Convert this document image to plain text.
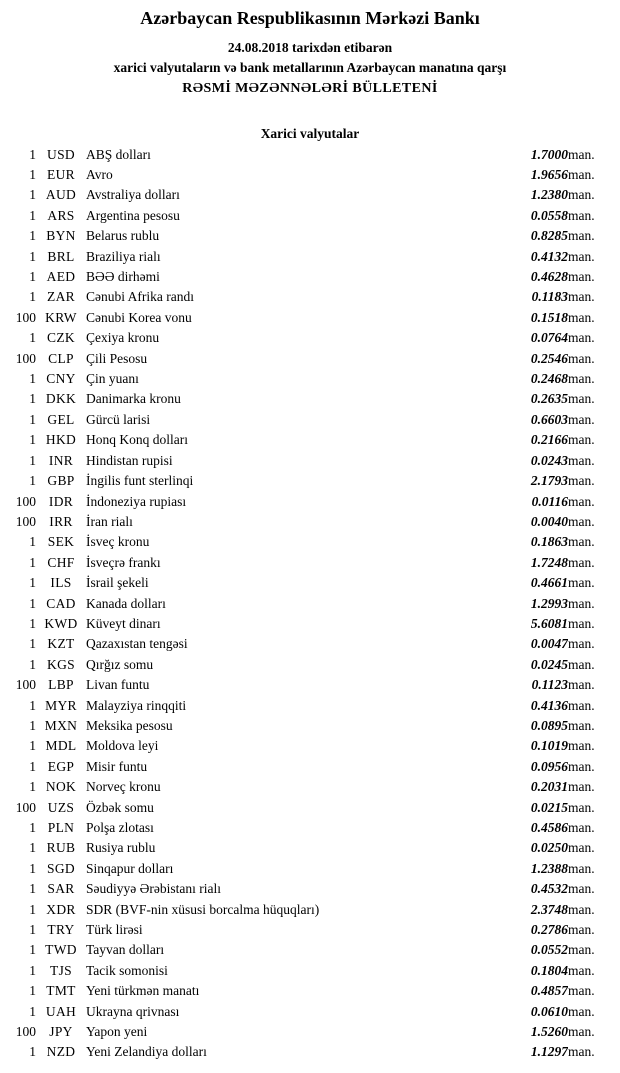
Azərbaycan Respublikasının Mərkəzi Bankı
24.08.2018 tarixdən etibarən
xarici valyutaların və bank metallarının Azərbaycan manatına qarşı
RƏSMİ MƏZƏNNƏLƏRİ BÜLLETENİ
Xarici valyutalar
1	USD	ABŞ dolları	1.7000	man.
1	EUR	Avro	1.9656	man.
1	AUD	Avstraliya dolları	1.2380	man.
1	ARS	Argentina pesosu	0.0558	man.
1	BYN	Belarus rublu	0.8285	man.
1	BRL	Braziliya rialı	0.4132	man.
1	AED	BƏƏ dirhəmi	0.4628	man.
1	ZAR	Cənubi Afrika randı	0.1183	man.
100	KRW	Cənubi Korea vonu	0.1518	man.
1	CZK	Çexiya kronu	0.0764	man.
100	CLP	Çili Pesosu	0.2546	man.
1	CNY	Çin yuanı	0.2468	man.
1	DKK	Danimarka kronu	0.2635	man.
1	GEL	Gürcü larisi	0.6603	man.
1	HKD	Honq Konq dolları	0.2166	man.
1	INR	Hindistan rupisi	0.0243	man.
1	GBP	İngilis funt sterlinqi	2.1793	man.
100	IDR	İndoneziya rupiası	0.0116	man.
100	IRR	İran rialı	0.0040	man.
1	SEK	İsveç kronu	0.1863	man.
1	CHF	İsveçrə frankı	1.7248	man.
1	ILS	İsrail şekeli	0.4661	man.
1	CAD	Kanada dolları	1.2993	man.
1	KWD	Küveyt dinarı	5.6081	man.
1	KZT	Qazaxıstan tengəsi	0.0047	man.
1	KGS	Qırğız somu	0.0245	man.
100	LBP	Livan funtu	0.1123	man.
1	MYR	Malayziya rinqqiti	0.4136	man.
1	MXN	Meksika pesosu	0.0895	man.
1	MDL	Moldova leyi	0.1019	man.
1	EGP	Misir funtu	0.0956	man.
1	NOK	Norveç kronu	0.2031	man.
100	UZS	Özbək somu	0.0215	man.
1	PLN	Polşa zlotası	0.4586	man.
1	RUB	Rusiya rublu	0.0250	man.
1	SGD	Sinqapur dolları	1.2388	man.
1	SAR	Səudiyyə Ərəbistanı rialı	0.4532	man.
1	XDR	SDR (BVF-nin xüsusi borcalma hüquqları)	2.3748	man.
1	TRY	Türk lirəsi	0.2786	man.
1	TWD	Tayvan dolları	0.0552	man.
1	TJS	Tacik somonisi	0.1804	man.
1	TMT	Yeni türkmən manatı	0.4857	man.
1	UAH	Ukrayna qrivnası	0.0610	man.
100	JPY	Yapon yeni	1.5260	man.
1	NZD	Yeni Zelandiya dolları	1.1297	man.
